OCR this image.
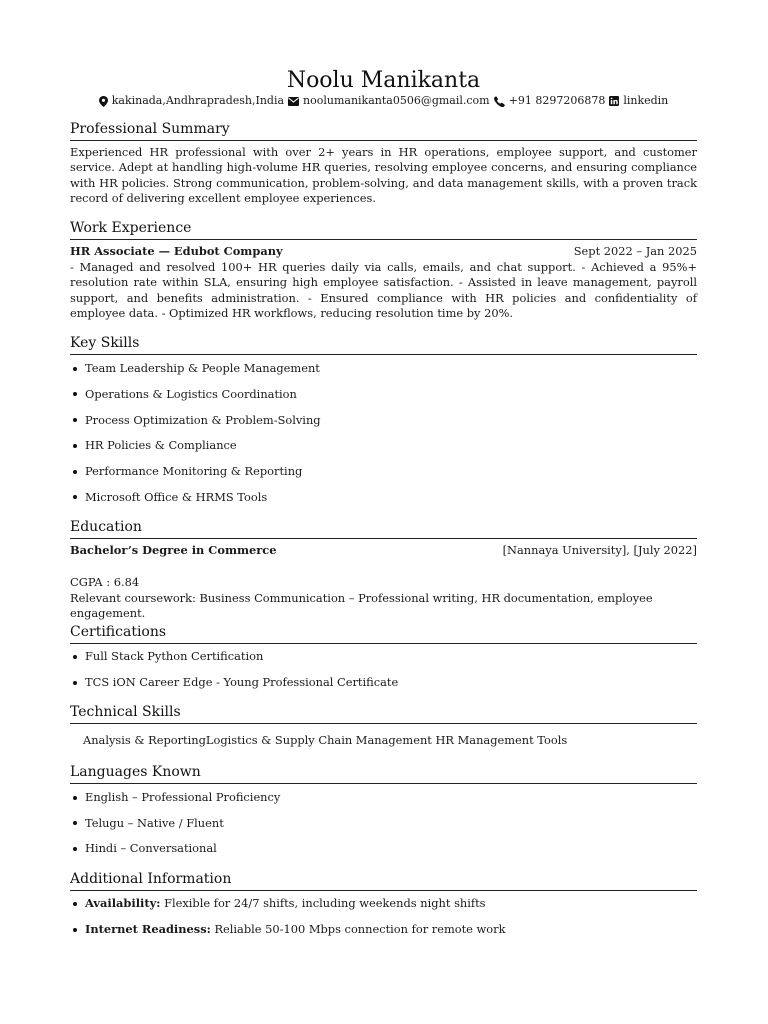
Noolu Manikanta
kakinada,Andhrapradesh,India noolumanikanta0506@gmail.com +91 8297206878 linkedin
Professional Summary
Experienced HR professional with over 2+ years in HR operations, employee support, and customer service. Adept at handling high-volume HR queries, resolving employee concerns, and ensuring compliance with HR policies. Strong communication, problem-solving, and data management skills, with a proven track record of delivering excellent employee experiences.
Work Experience
HR Associate — Edubot Company	Sept 2022 – Jan 2025
- Managed and resolved 100+ HR queries daily via calls, emails, and chat support. - Achieved a 95%+ resolution rate within SLA, ensuring high employee satisfaction. - Assisted in leave management, payroll support, and benefits administration. - Ensured compliance with HR policies and confidentiality of employee data. - Optimized HR workflows, reducing resolution time by 20%.
Key Skills
Team Leadership & People Management
Operations & Logistics Coordination
Process Optimization & Problem-Solving
HR Policies & Compliance
Performance Monitoring & Reporting
Microsoft Office & HRMS Tools
Education
Bachelor’s Degree in Commerce	[Nannaya University], [July 2022]
CGPA : 6.84
Relevant coursework: Business Communication – Professional writing, HR documentation, employee engagement.
Certifications
Full Stack Python Certification
TCS iON Career Edge - Young Professional Certificate
Technical Skills
Analysis & ReportingLogistics & Supply Chain Management HR Management Tools
Languages Known
English – Professional Proficiency
Telugu – Native / Fluent
Hindi – Conversational
Additional Information
Availability:
Flexible for 24/7 shifts, including weekends night shifts
Internet Readiness:
Reliable 50-100 Mbps connection for remote work
